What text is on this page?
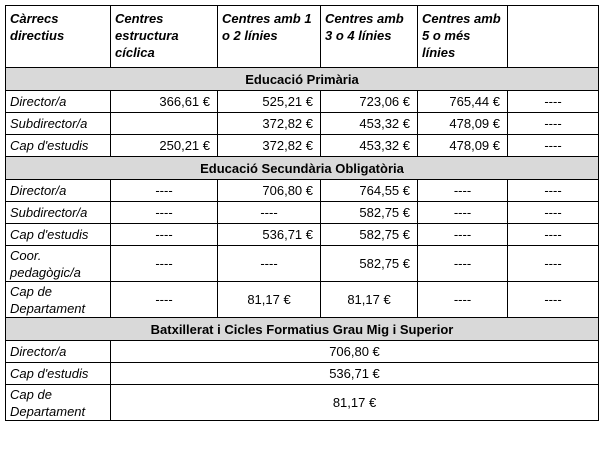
Càrrecs directius	Centres estructura cíclica	Centres amb 1 o 2 línies	Centres amb 3 o 4 línies	Centres amb 5 o més línies	
Educació Primària					
Director/a	366,61 €	525,21 €	723,06 €	765,44 €	----
Subdirector/a		372,82 €	453,32 €	478,09 €	----
Cap d'estudis	250,21 €	372,82 €	453,32 €	478,09 €	----
Educació Secundària Obligatòria					
Director/a	----	706,80 €	764,55 €	----	----
Subdirector/a	----	----	582,75 €	----	----
Cap d'estudis	----	536,71 €	582,75 €	----	----
Coor. pedagògic/a	----	----	582,75 €	----	----
Cap de Departament	----	81,17 €	81,17 €	----	----
Batxillerat i Cicles Formatius Grau Mig i Superior					
Director/a	706,80 €				
Cap d'estudis	536,71 €				
Cap de Departament	81,17 €				
